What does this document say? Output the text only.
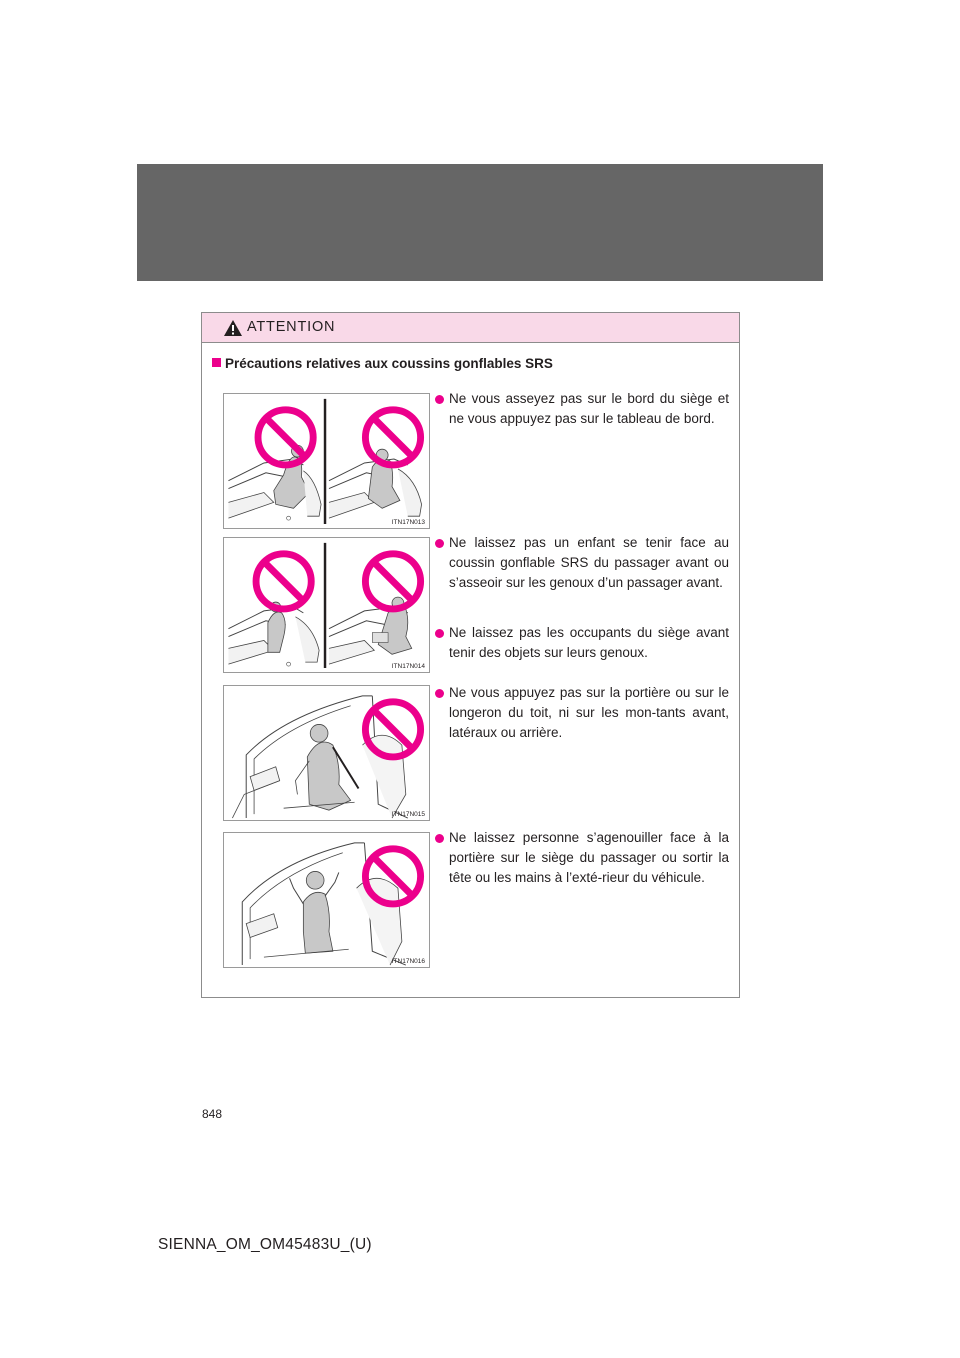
ATTENTION
Précautions relatives aux coussins gonflables SRS
ITN17N013
ITN17N014
ITN17N015
ITN17N016
Ne vous asseyez pas sur le bord du siège et ne vous appuyez pas sur le tableau de bord.
Ne laissez pas un enfant se tenir face au coussin gonflable SRS du passager avant ou s’asseoir sur les genoux d’un passager avant.
Ne laissez pas les occupants du siège avant tenir des objets sur leurs genoux.
Ne vous appuyez pas sur la portière ou sur le longeron du toit, ni sur les mon-tants avant, latéraux ou arrière.
Ne laissez personne s’agenouiller face à la portière sur le siège du passager ou sortir la tête ou les mains à l’exté-rieur du véhicule.
848
SIENNA_OM_OM45483U_(U)
